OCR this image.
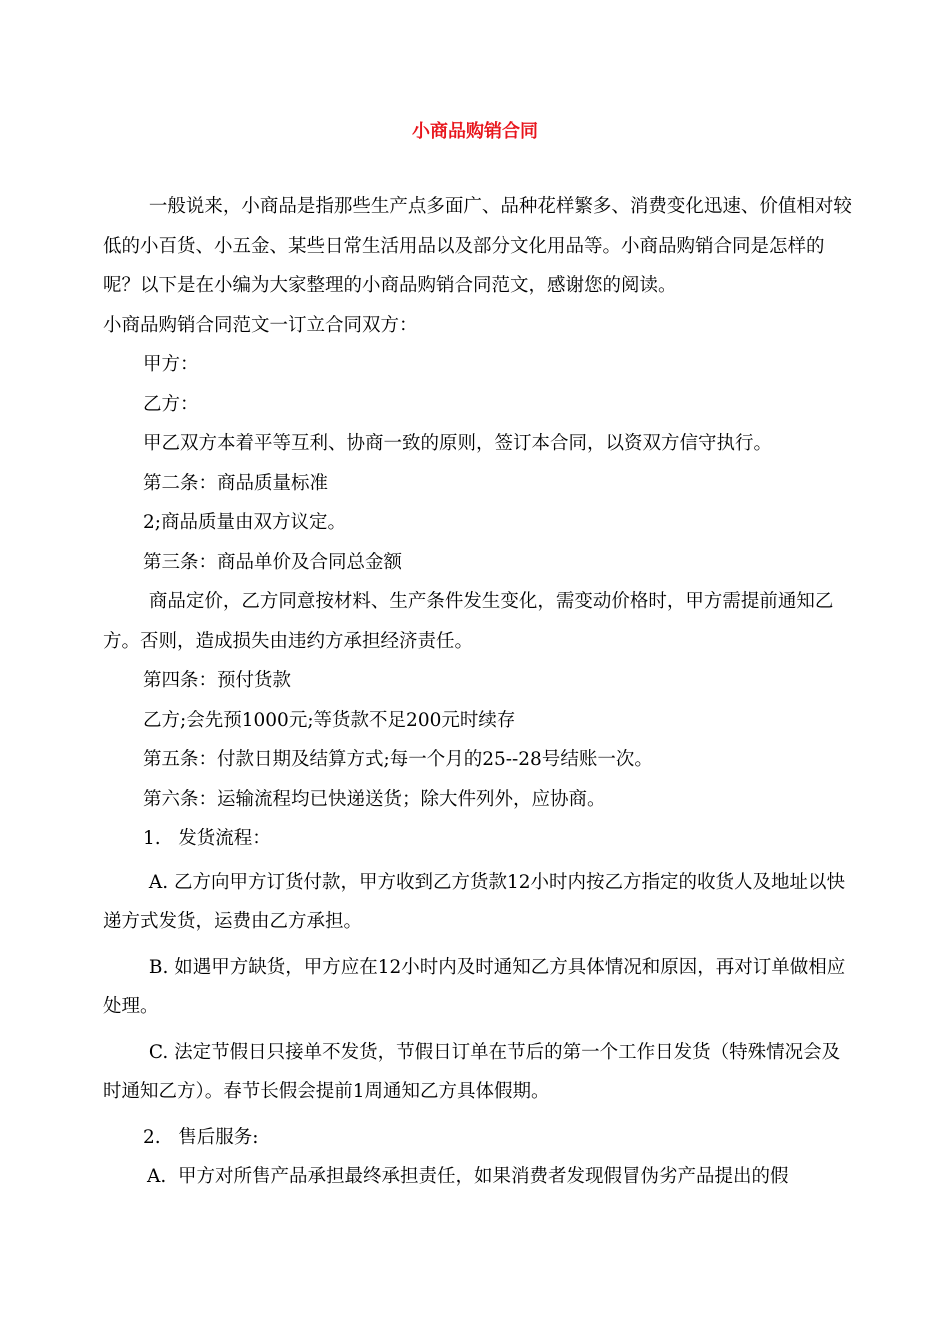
小商品购销合同

一般说来，小商品是指那些生产点多面广、品种花样繁多、消费变化迅速、价值相对较低的小百货、小五金、某些日常生活用品以及部分文化用品等。小商品购销合同是怎样的呢？以下是在小编为大家整理的小商品购销合同范文，感谢您的阅读。

小商品购销合同范文一订立合同双方：

甲方：

乙方：

甲乙双方本着平等互利、协商一致的原则，签订本合同，以资双方信守执行。

第二条：商品质量标准

2;商品质量由双方议定。

第三条：商品单价及合同总金额

商品定价，乙方同意按材料、生产条件发生变化，需变动价格时，甲方需提前通知乙方。否则，造成损失由违约方承担经济责任。

第四条：预付货款

乙方;会先预1000元;等货款不足200元时续存

第五条：付款日期及结算方式;每一个月的25--28号结账一次。

第六条：运输流程均已快递送货；除大件列外，应协商。

1.   发货流程：

A. 乙方向甲方订货付款，甲方收到乙方货款12小时内按乙方指定的收货人及地址以快递方式发货，运费由乙方承担。

B. 如遇甲方缺货，甲方应在12小时内及时通知乙方具体情况和原因，再对订单做相应处理。

C. 法定节假日只接单不发货，节假日订单在节后的第一个工作日发货（特殊情况会及时通知乙方）。春节长假会提前1周通知乙方具体假期。

2.   售后服务:

A.  甲方对所售产品承担最终承担责任，如果消费者发现假冒伪劣产品提出的假
